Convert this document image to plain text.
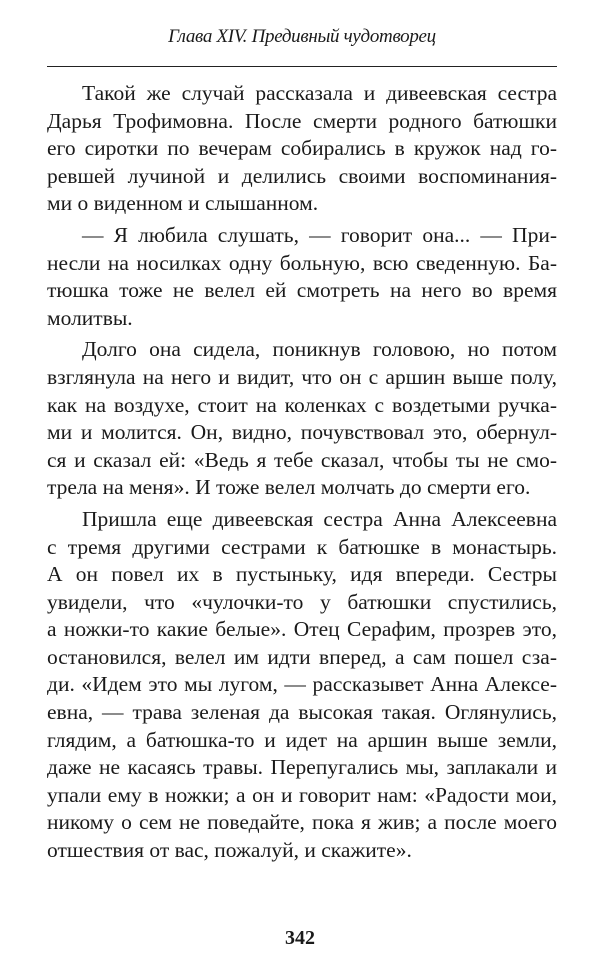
Глава XIV. Предивный чудотворец
Такой же случай рассказала и дивеевская сестра
Дарья Трофимовна. После смерти родного батюшки
его сиротки по вечерам собирались в кружок над го-
ревшей лучиной и делились своими воспоминания-
ми о виденном и слышанном.
— Я любила слушать, — говорит она... — При-
несли на носилках одну больную, всю сведенную. Ба-
тюшка тоже не велел ей смотреть на него во время
молитвы.
Долго она сидела, поникнув головою, но потом
взглянула на него и видит, что он с аршин выше полу,
как на воздухе, стоит на коленках с воздетыми ручка-
ми и молится. Он, видно, почувствовал это, обернул-
ся и сказал ей: «Ведь я тебе сказал, чтобы ты не смо-
трела на меня». И тоже велел молчать до смерти его.
Пришла еще дивеевская сестра Анна Алексеевна
с тремя другими сестрами к батюшке в монастырь.
А он повел их в пустыньку, идя впереди. Сестры
увидели, что «чулочки-то у батюшки спустились,
а ножки-то какие белые». Отец Серафим, прозрев это,
остановился, велел им идти вперед, а сам пошел сза-
ди. «Идем это мы лугом, — рассказывет Анна Алексе-
евна, — трава зеленая да высокая такая. Оглянулись,
глядим, а батюшка-то и идет на аршин выше земли,
даже не касаясь травы. Перепугались мы, заплакали и
упали ему в ножки; а он и говорит нам: «Радости мои,
никому о сем не поведайте, пока я жив; а после моего
отшествия от вас, пожалуй, и скажите».
342
